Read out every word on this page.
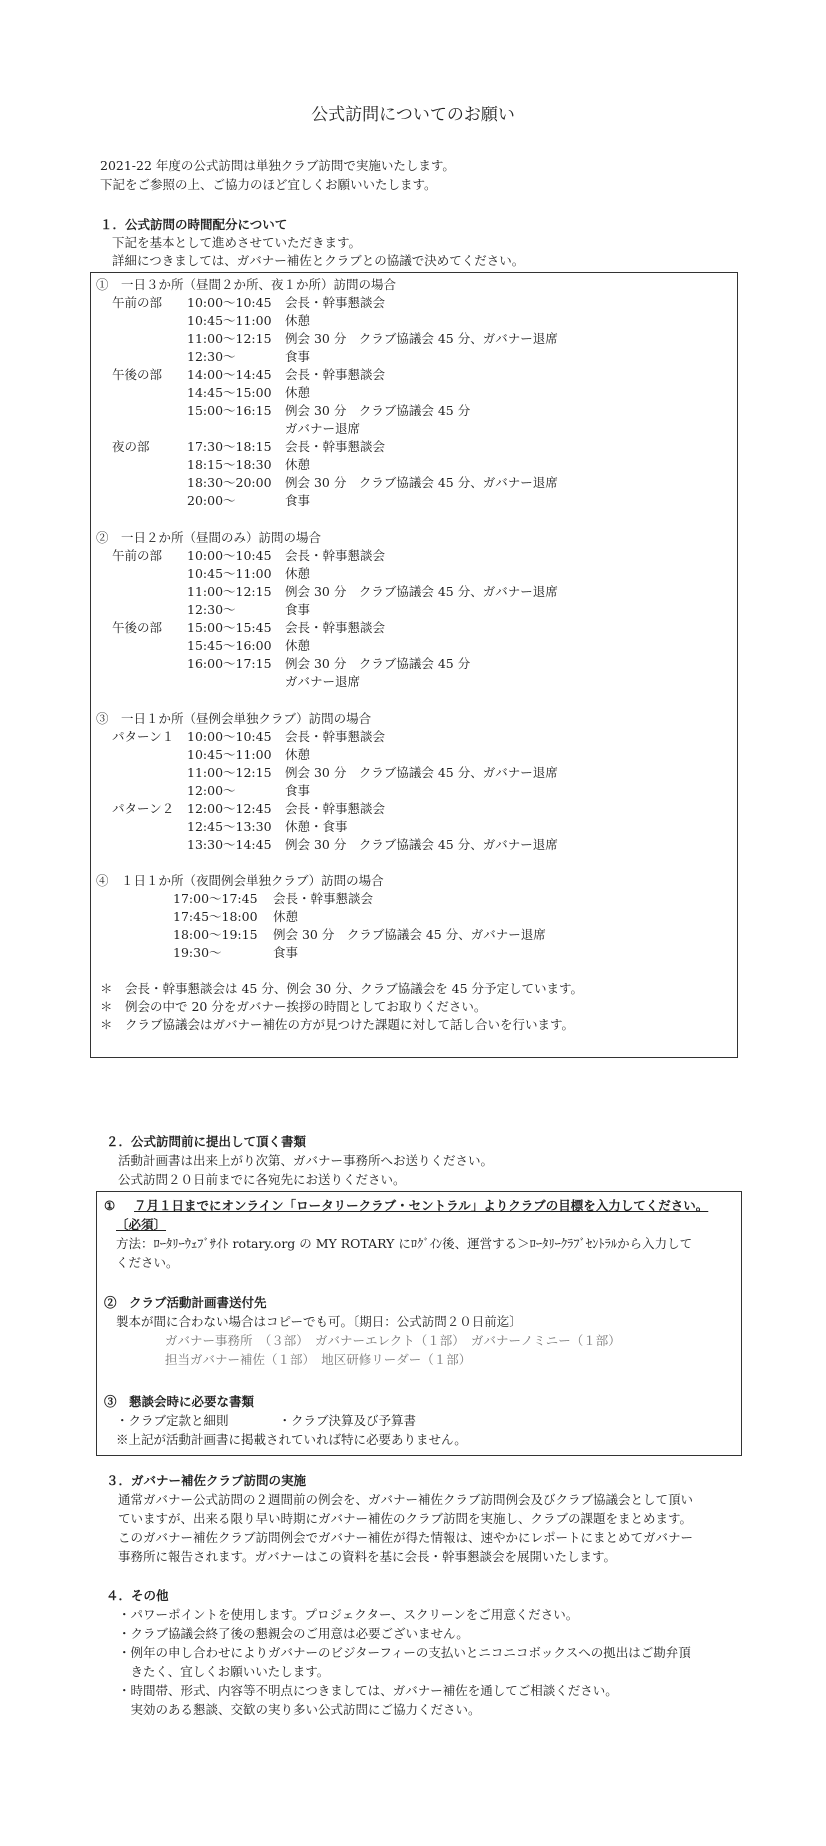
公式訪問についてのお願い
2021-22 年度の公式訪問は単独クラブ訪問で実施いたします。
下記をご参照の上、ご協力のほど宜しくお願いいたします。
１．公式訪問の時間配分について
下記を基本として進めさせていただきます。
詳細につきましては、ガバナー補佐とクラブとの協議で決めてください。
①　一日３か所（昼間２か所、夜１か所）訪問の場合
午前の部 10:00～10:45 会長・幹事懇談会
10:45～11:00 休憩
11:00～12:15 例会 30 分　クラブ協議会 45 分、ガバナー退席
12:30～	食事
午後の部 14:00～14:45 会長・幹事懇談会
14:45～15:00 休憩
15:00～16:15 例会 30 分　クラブ協議会 45 分
ガバナー退席
夜の部	17:30～18:15 会長・幹事懇談会
18:15～18:30 休憩
18:30～20:00 例会 30 分　クラブ協議会 45 分、ガバナー退席
20:00～	食事
②　一日２か所（昼間のみ）訪問の場合
午前の部 10:00～10:45 会長・幹事懇談会
10:45～11:00 休憩
11:00～12:15 例会 30 分　クラブ協議会 45 分、ガバナー退席
12:30～	食事
午後の部 15:00～15:45 会長・幹事懇談会
15:45～16:00 休憩
16:00～17:15 例会 30 分　クラブ協議会 45 分
ガバナー退席
③　一日１か所（昼例会単独クラブ）訪問の場合
パターン１ 10:00～10:45 会長・幹事懇談会
10:45～11:00 休憩
11:00～12:15 例会 30 分　クラブ協議会 45 分、ガバナー退席
12:00～	食事
パターン２ 12:00～12:45 会長・幹事懇談会
12:45～13:30 休憩・食事
13:30～14:45 例会 30 分　クラブ協議会 45 分、ガバナー退席
④　１日１か所（夜間例会単独クラブ）訪問の場合
17:00～17:45 会長・幹事懇談会
17:45～18:00 休憩
18:00～19:15 例会 30 分　クラブ協議会 45 分、ガバナー退席
19:30～	食事
＊　会長・幹事懇談会は 45 分、例会 30 分、クラブ協議会を 45 分予定しています。
＊　例会の中で 20 分をガバナー挨拶の時間としてお取りください。
＊　クラブ協議会はガバナー補佐の方が見つけた課題に対して話し合いを行います。
２．公式訪問前に提出して頂く書類
活動計画書は出来上がり次第、ガバナー事務所へお送りください。
公式訪問２０日前までに各宛先にお送りください。
① ７月１日までにオンライン「ロータリークラブ・セントラル」よりクラブの目標を入力してください。
〔必須〕
方法：ﾛｰﾀﾘｰｳｪﾌﾞｻｲﾄ rotary.org の MY ROTARY にﾛｸﾞｲﾝ後、運営する＞ﾛｰﾀﾘｰｸﾗﾌﾞｾﾝﾄﾗﾙから入力して
ください。
②　クラブ活動計画書送付先
製本が間に合わない場合はコピーでも可。〔期日：公式訪問２０日前迄〕
ガバナー事務所　（３部）　ガバナーエレクト（１部）　ガバナーノミニー（１部）
担当ガバナー補佐（１部）　地区研修リーダー（１部）
③　懇談会時に必要な書類
・クラブ定款と細則　　　　・クラブ決算及び予算書
※上記が活動計画書に掲載されていれば特に必要ありません。
３．ガバナー補佐クラブ訪問の実施
通常ガバナー公式訪問の２週間前の例会を、ガバナー補佐クラブ訪問例会及びクラブ協議会として頂い
ていますが、出来る限り早い時期にガバナー補佐のクラブ訪問を実施し、クラブの課題をまとめます。
このガバナー補佐クラブ訪問例会でガバナー補佐が得た情報は、速やかにレポートにまとめてガバナー
事務所に報告されます。ガバナーはこの資料を基に会長・幹事懇談会を展開いたします。
４．その他
・パワーポイントを使用します。プロジェクター、スクリーンをご用意ください。
・クラブ協議会終了後の懇親会のご用意は必要ございません。
・例年の申し合わせによりガバナーのビジターフィーの支払いとニコニコボックスへの拠出はご勘弁頂
　きたく、宜しくお願いいたします。
・時間帯、形式、内容等不明点につきましては、ガバナー補佐を通してご相談ください。
　実効のある懇談、交歓の実り多い公式訪問にご協力ください。
